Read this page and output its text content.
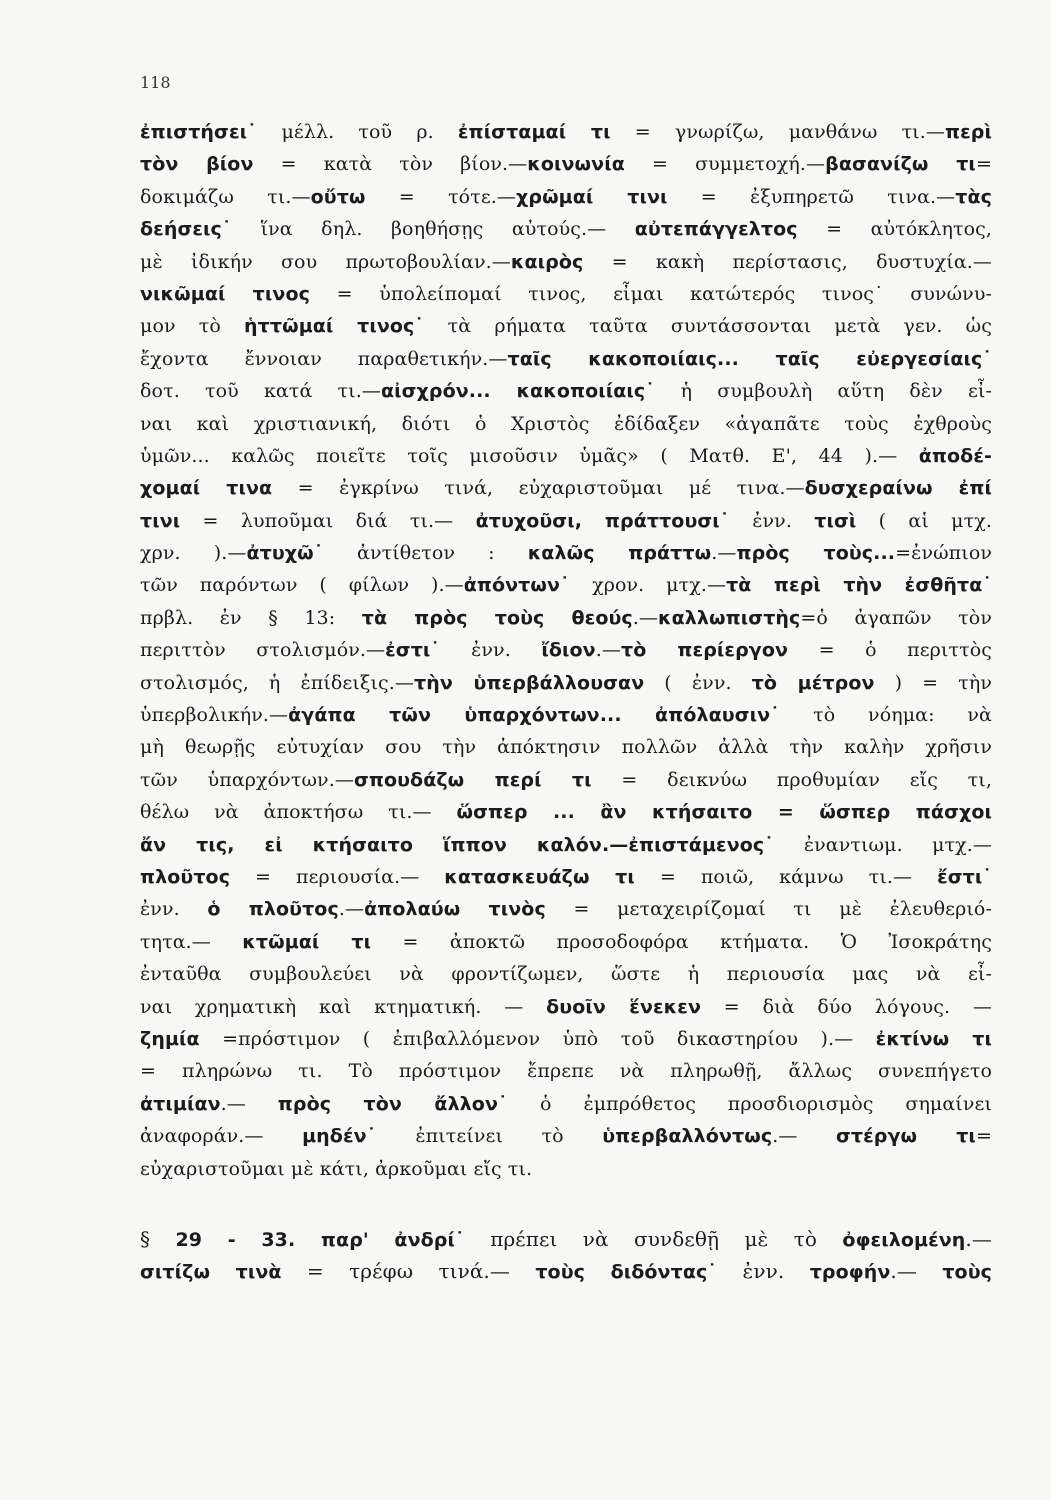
118
ἐπιστήσει˙ μέλλ. τοῦ ρ. ἐπίσταμαί τι = γνωρίζω, μανθάνω τι.—περὶ
τὸν βίον = κατὰ τὸν βίον.—κοινωνία = συμμετοχή.—βασανίζω τι=
δοκιμάζω τι.—οὔτω = τότε.—χρῶμαί τινι = ἐξυπηρετῶ τινα.—τὰς
δεήσεις˙ ἵνα δηλ. βοηθήσῃς αὐτούς.— αὐτεπάγγελτος = αὐτόκλητος,
μὲ ἰδικήν σου πρωτοβουλίαν.—καιρὸς = κακὴ περίστασις, δυστυχία.—
νικῶμαί τινος = ὑπολείπομαί τινος, εἶμαι κατώτερός τινος˙ συνώνυ-
μον τὸ ἡττῶμαί τινος˙ τὰ ρήματα ταῦτα συντάσσονται μετὰ γεν. ὡς
ἔχοντα ἔννοιαν παραθετικήν.—ταῖς κακοποιίαις... ταῖς εὐεργεσίαις˙
δοτ. τοῦ κατά τι.—αἰσχρόν... κακοποιίαις˙ ἡ συμβουλὴ αὕτη δὲν εἶ-
ναι καὶ χριστιανική, διότι ὁ Χριστὸς ἐδίδαξεν «ἀγαπᾶτε τοὺς ἐχθροὺς
ὑμῶν... καλῶς ποιεῖτε τοῖς μισοῦσιν ὑμᾶς» ( Ματθ. Ε', 44 ).— ἀποδέ-
χομαί τινα = ἐγκρίνω τινά, εὐχαριστοῦμαι μέ τινα.—δυσχεραίνω ἐπί
τινι = λυποῦμαι διά τι.— ἀτυχοῦσι, πράττουσι˙ ἐνν. τισὶ ( αἱ μτχ.
χρν. ).—ἀτυχῶ˙ ἀντίθετον : καλῶς πράττω.—πρὸς τοὺς...=ἐνώπιον
τῶν παρόντων ( φίλων ).—ἀπόντων˙ χρον. μτχ.—τὰ περὶ τὴν ἐσθῆτα˙
πρβλ. ἐν § 13: τὰ πρὸς τοὺς θεούς.—καλλωπιστὴς=ὁ ἀγαπῶν τὸν
περιττὸν στολισμόν.—ἐστι˙ ἐνν. ἴδιον.—τὸ περίεργον = ὁ περιττὸς
στολισμός, ἡ ἐπίδειξις.—τὴν ὑπερβάλλουσαν ( ἐνν. τὸ μέτρον ) = τὴν
ὑπερβολικήν.—ἀγάπα τῶν ὑπαρχόντων... ἀπόλαυσιν˙ τὸ νόημα: νὰ
μὴ θεωρῇς εὐτυχίαν σου τὴν ἀπόκτησιν πολλῶν ἀλλὰ τὴν καλὴν χρῆσιν
τῶν ὑπαρχόντων.—σπουδάζω περί τι = δεικνύω προθυμίαν εἴς τι,
θέλω νὰ ἀποκτήσω τι.— ὥσπερ ... ἂν κτήσαιτο = ὥσπερ πάσχοι
ἄν τις, εἰ κτήσαιτο ἵππον καλόν.—ἐπιστάμενος˙ ἐναντιωμ. μτχ.—
πλοῦτος = περιουσία.— κατασκευάζω τι = ποιῶ, κάμνω τι.— ἔστι˙
ἐνν. ὁ πλοῦτος.—ἀπολαύω τινὸς = μεταχειρίζομαί τι μὲ ἐλευθεριό-
τητα.— κτῶμαί τι = ἀποκτῶ προσοδοφόρα κτήματα. Ὁ Ἰσοκράτης
ἐνταῦθα συμβουλεύει νὰ φροντίζωμεν, ὥστε ἡ περιουσία μας νὰ εἶ-
ναι χρηματικὴ καὶ κτηματική. — δυοῖν ἕνεκεν = διὰ δύο λόγους. —
ζημία =πρόστιμον ( ἐπιβαλλόμενον ὑπὸ τοῦ δικαστηρίου ).— ἐκτίνω τι
= πληρώνω τι. Τὸ πρόστιμον ἔπρεπε νὰ πληρωθῇ, ἄλλως συνεπήγετο
ἀτιμίαν.— πρὸς τὸν ἄλλον˙ ὁ ἐμπρόθετος προσδιορισμὸς σημαίνει
ἀναφοράν.— μηδέν˙ ἐπιτείνει τὸ ὑπερβαλλόντως.— στέργω τι=
εὐχαριστοῦμαι μὲ κάτι, ἀρκοῦμαι εἴς τι.
§ 29 - 33. παρ' ἀνδρί˙ πρέπει νὰ συνδεθῇ μὲ τὸ ὀφειλομένη.—
σιτίζω τινὰ = τρέφω τινά.— τοὺς διδόντας˙ ἐνν. τροφήν.— τοὺς
